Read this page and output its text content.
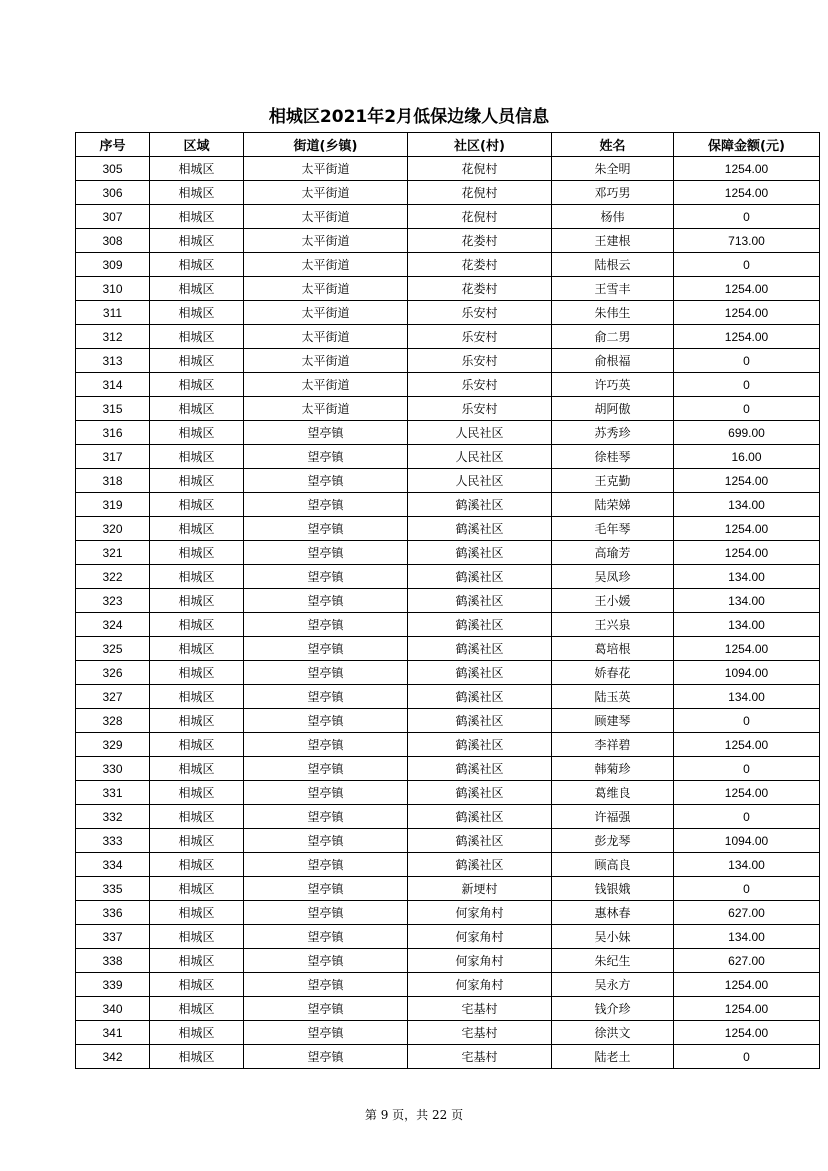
相城区2021年2月低保边缘人员信息
序号	区域	街道(乡镇)	社区(村)	姓名	保障金额(元)
305	相城区	太平街道	花倪村	朱全明	1254.00
306	相城区	太平街道	花倪村	邓巧男	1254.00
307	相城区	太平街道	花倪村	杨伟	0
308	相城区	太平街道	花娄村	王建根	713.00
309	相城区	太平街道	花娄村	陆根云	0
310	相城区	太平街道	花娄村	王雪丰	1254.00
311	相城区	太平街道	乐安村	朱伟生	1254.00
312	相城区	太平街道	乐安村	俞二男	1254.00
313	相城区	太平街道	乐安村	俞根福	0
314	相城区	太平街道	乐安村	许巧英	0
315	相城区	太平街道	乐安村	胡阿傲	0
316	相城区	望亭镇	人民社区	苏秀珍	699.00
317	相城区	望亭镇	人民社区	徐桂琴	16.00
318	相城区	望亭镇	人民社区	王克勤	1254.00
319	相城区	望亭镇	鹤溪社区	陆荣娣	134.00
320	相城区	望亭镇	鹤溪社区	毛年琴	1254.00
321	相城区	望亭镇	鹤溪社区	高瑜芳	1254.00
322	相城区	望亭镇	鹤溪社区	吴凤珍	134.00
323	相城区	望亭镇	鹤溪社区	王小媛	134.00
324	相城区	望亭镇	鹤溪社区	王兴泉	134.00
325	相城区	望亭镇	鹤溪社区	葛培根	1254.00
326	相城区	望亭镇	鹤溪社区	娇春花	1094.00
327	相城区	望亭镇	鹤溪社区	陆玉英	134.00
328	相城区	望亭镇	鹤溪社区	顾建琴	0
329	相城区	望亭镇	鹤溪社区	李祥碧	1254.00
330	相城区	望亭镇	鹤溪社区	韩菊珍	0
331	相城区	望亭镇	鹤溪社区	葛维良	1254.00
332	相城区	望亭镇	鹤溪社区	许福强	0
333	相城区	望亭镇	鹤溪社区	彭龙琴	1094.00
334	相城区	望亭镇	鹤溪社区	顾高良	134.00
335	相城区	望亭镇	新埂村	钱银娥	0
336	相城区	望亭镇	何家角村	惠林春	627.00
337	相城区	望亭镇	何家角村	吴小妹	134.00
338	相城区	望亭镇	何家角村	朱纪生	627.00
339	相城区	望亭镇	何家角村	吴永方	1254.00
340	相城区	望亭镇	宅基村	钱介珍	1254.00
341	相城区	望亭镇	宅基村	徐洪文	1254.00
342	相城区	望亭镇	宅基村	陆老土	0
第 9 页，共 22 页
